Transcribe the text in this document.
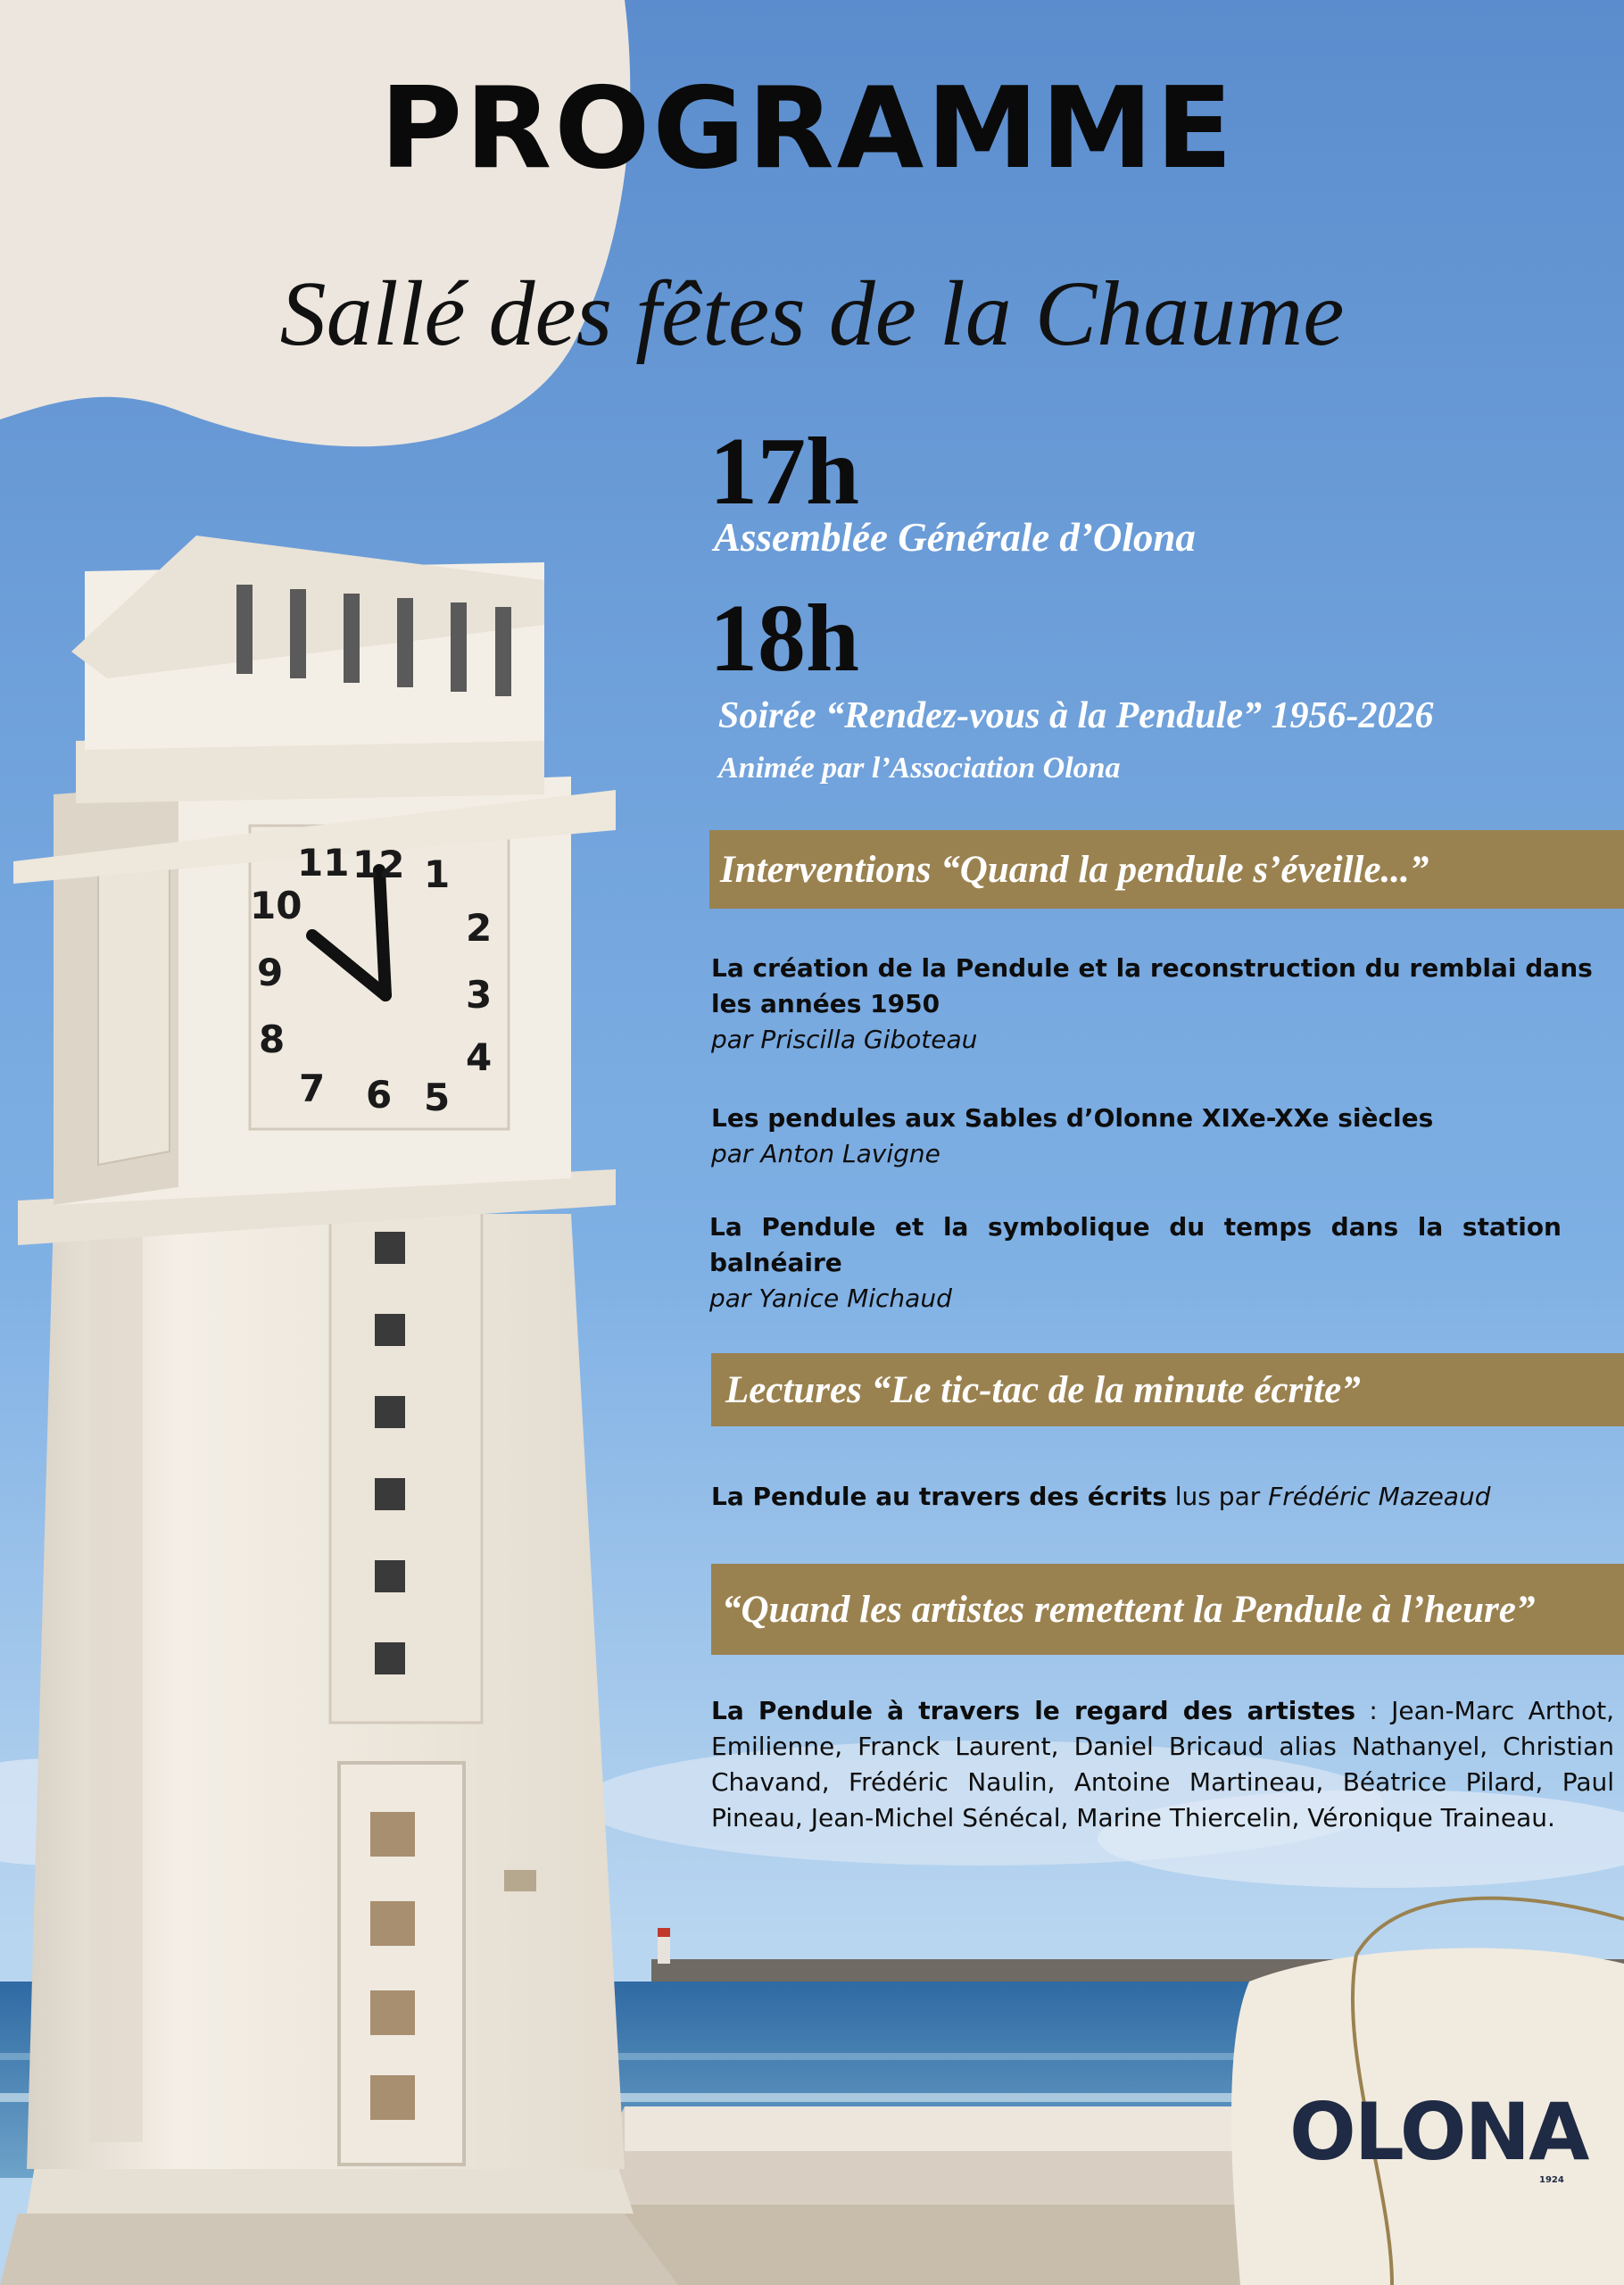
11 12 1
10
2
9
3
8	4
7 6 5
PROGRAMME
Sallé des fêtes de la Chaume
17h
Assemblée Générale d’Olona
18h
Soirée “Rendez-vous à la Pendule” 1956-2026
Animée par l’Association Olona
Interventions “Quand la pendule s’éveille...”
La création de la Pendule et la reconstruction du remblai dans les années 1950
par Priscilla Giboteau
Les pendules aux Sables d’Olonne XIXe-XXe siècles
par Anton Lavigne
La Pendule et la symbolique du temps dans la station balnéaire
par Yanice Michaud
Lectures “Le tic-tac de la minute écrite”
La Pendule au travers des écrits lus par Frédéric Mazeaud
“Quand les artistes remettent la Pendule à l’heure”
La Pendule à travers le regard des artistes : Jean-Marc Arthot, Emilienne, Franck Laurent, Daniel Bricaud alias Nathanyel, Christian Chavand, Frédéric Naulin, Antoine Martineau, Béatrice Pilard, Paul Pineau, Jean-Michel Sénécal, Marine Thiercelin, Véronique Traineau.
OLONA
1924
